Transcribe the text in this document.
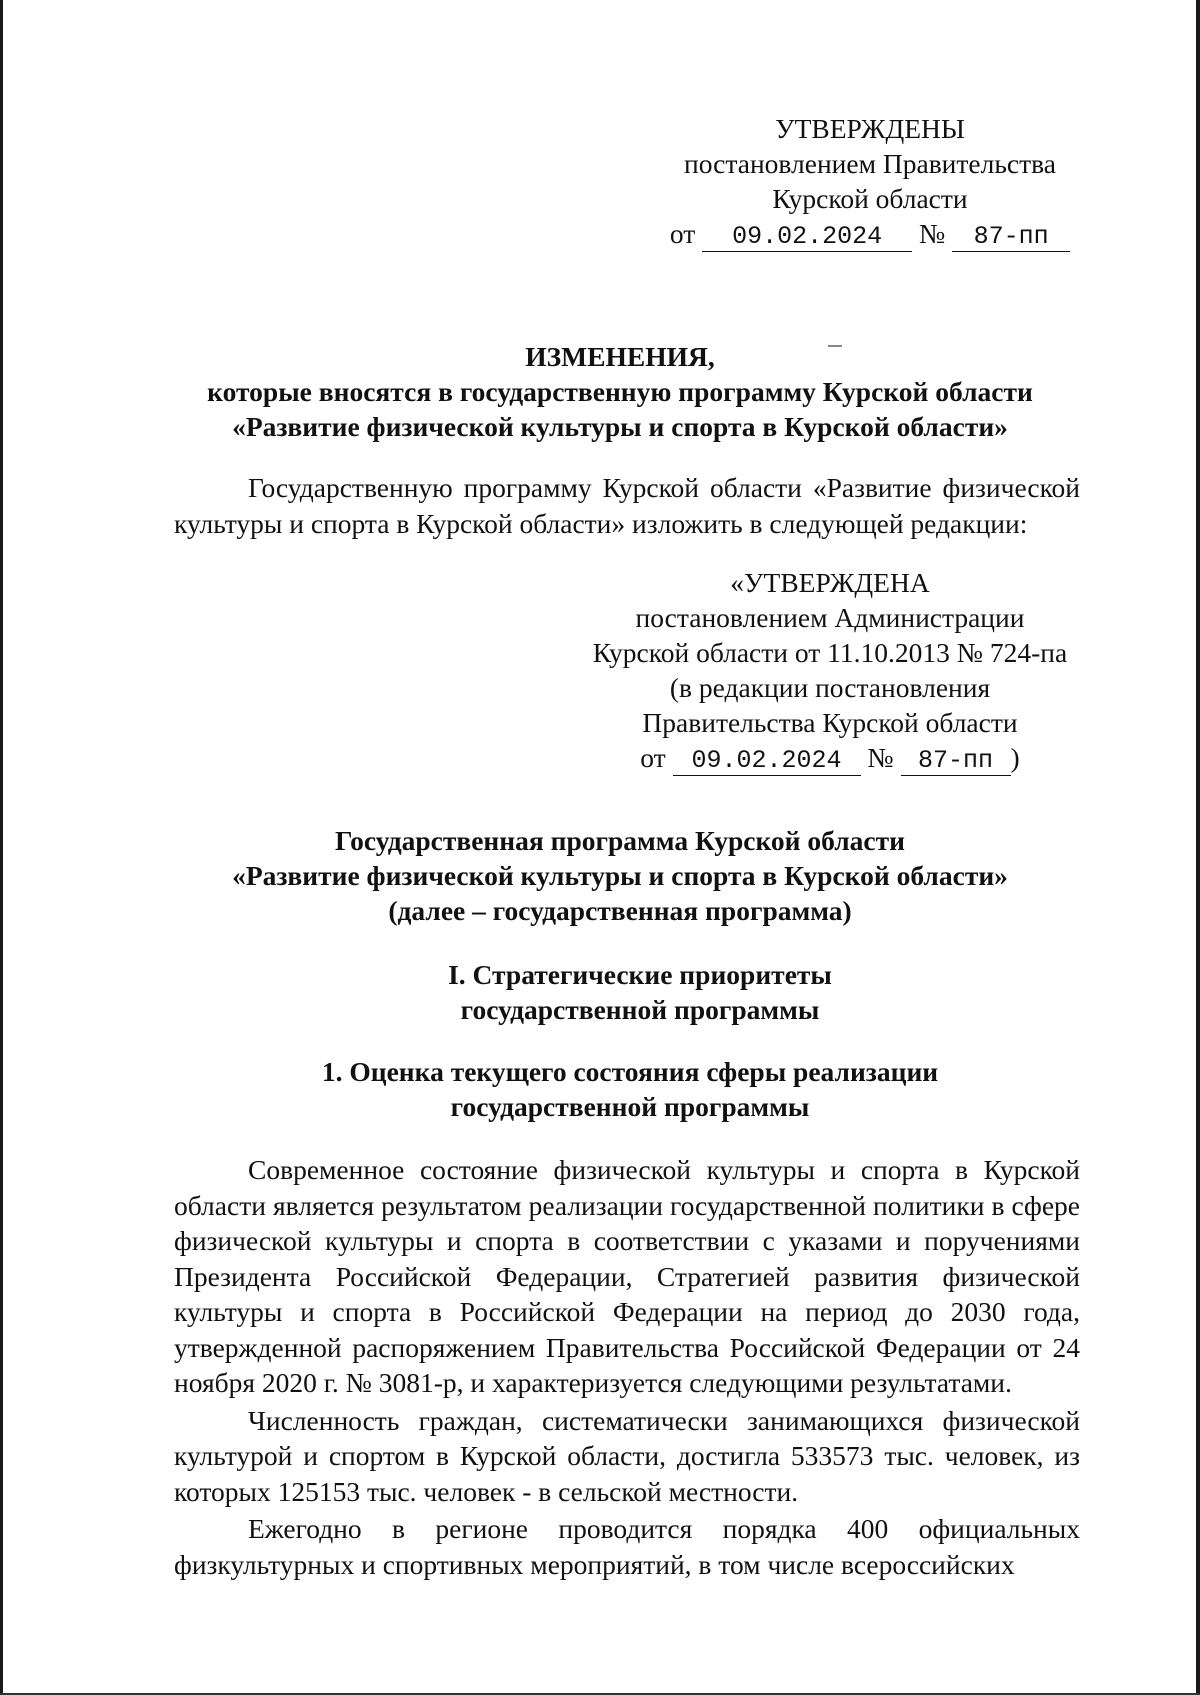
УТВЕРЖДЕНЫ
постановлением Правительства
Курской области
от 09.02.2024 № 87-пп
ИЗМЕНЕНИЯ,
которые вносятся в государственную программу Курской области
«Развитие физической культуры и спорта в Курской области»

Государственную программу Курской области «Развитие физической культуры и спорта в Курской области» изложить в следующей редакции:

«УТВЕРЖДЕНА
постановлением Администрации
Курской области от 11.10.2013 № 724-па
(в редакции постановления
Правительства Курской области
от 09.02.2024 № 87-пп )
Государственная программа Курской области
«Развитие физической культуры и спорта в Курской области»
(далее – государственная программа)
I. Стратегические приоритеты
государственной программы
1. Оценка текущего состояния сферы реализации
государственной программы

Современное состояние физической культуры и спорта в Курской области является результатом реализации государственной политики в сфере физической культуры и спорта в соответствии с указами и поручениями Президента Российской Федерации, Стратегией развития физической культуры и спорта в Российской Федерации на период до 2030 года, утвержденной распоряжением Правительства Российской Федерации от 24 ноября 2020 г. № 3081-р, и характеризуется следующими результатами.

Численность граждан, систематически занимающихся физической культурой и спортом в Курской области, достигла 533573 тыс. человек, из которых 125153 тыс. человек - в сельской местности.

Ежегодно в регионе проводится порядка 400 официальных физкультурных и спортивных мероприятий, в том числе всероссийских
